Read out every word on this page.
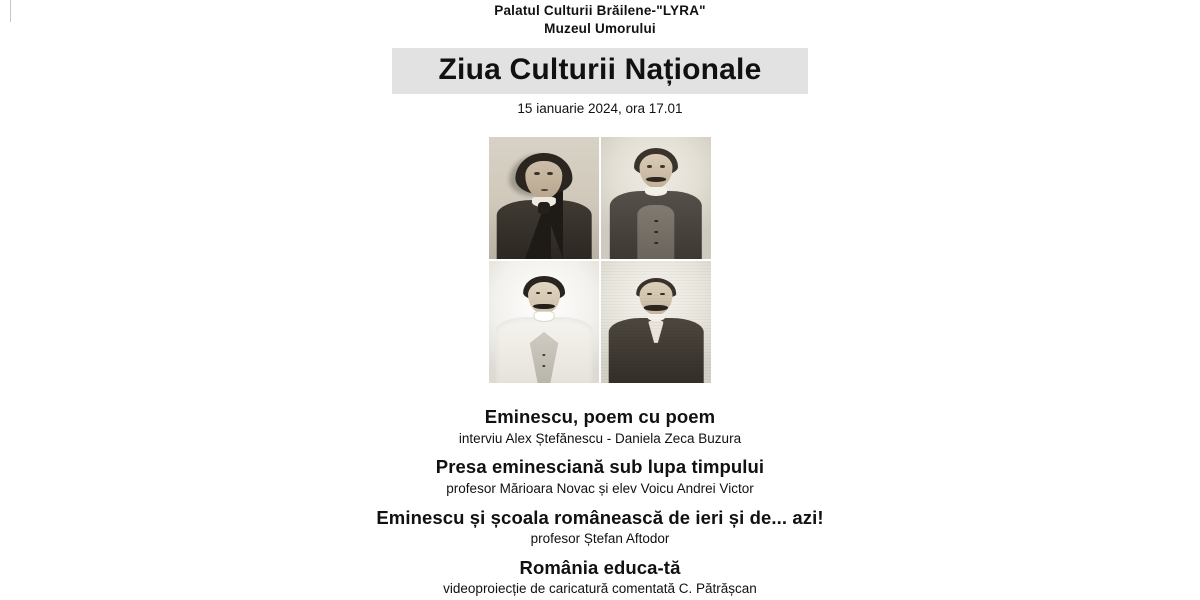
Palatul Culturii Brăilene-"LYRA"
Muzeul Umorului
Ziua Culturii Naționale
15 ianuarie 2024, ora 17.01
Eminescu, poem cu poem
interviu Alex Ștefănescu - Daniela Zeca Buzura
Presa eminesciană sub lupa timpului
profesor Mărioara Novac și elev Voicu Andrei Victor
Eminescu și școala românească de ieri și de... azi!
profesor Ștefan Aftodor
România educa-tă
videoproiecție de caricatură comentată C. Pătrășcan
